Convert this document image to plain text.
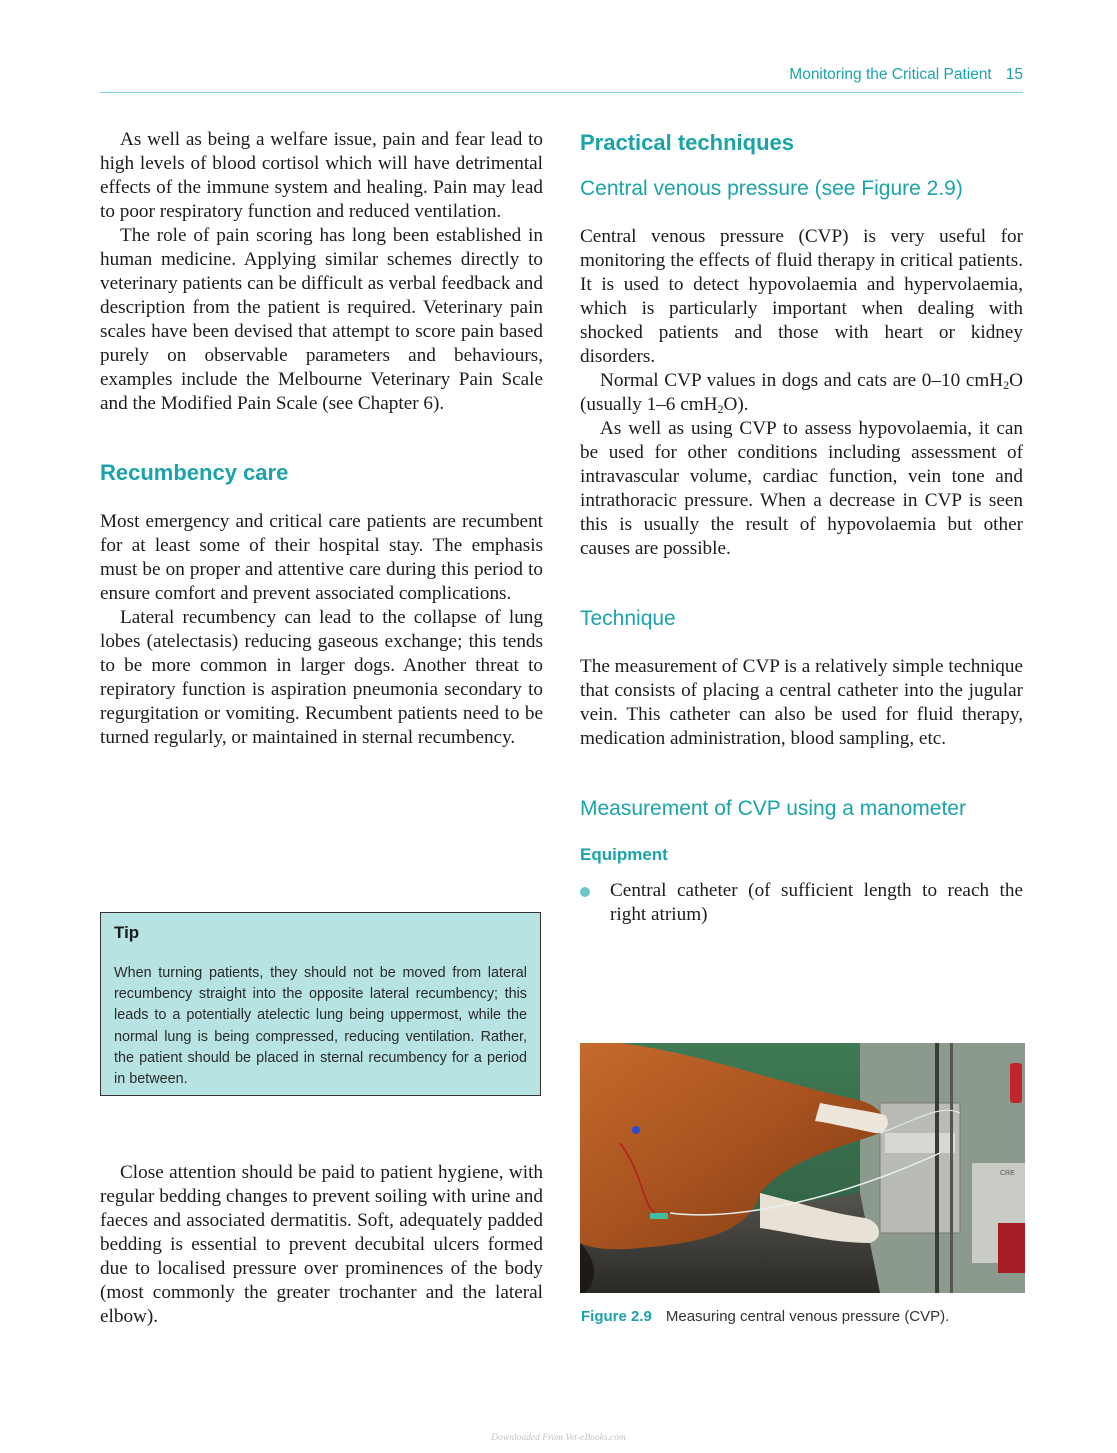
Monitoring the Critical Patient 15

As well as being a welfare issue, pain and fear lead to high levels of blood cortisol which will have detrimental effects of the immune system and healing. Pain may lead to poor respiratory function and reduced ventilation.

The role of pain scoring has long been established in human medicine. Applying similar schemes directly to veterinary patients can be difficult as verbal feedback and description from the patient is required. Veterinary pain scales have been devised that attempt to score pain based purely on observable parameters and behaviours, examples include the Melbourne Veterinary Pain Scale and the Modified Pain Scale (see Chapter 6).

Recumbency care

Most emergency and critical care patients are recumbent for at least some of their hospital stay. The emphasis must be on proper and attentive care during this period to ensure comfort and prevent associated complications.

Lateral recumbency can lead to the collapse of lung lobes (atelectasis) reducing gaseous exchange; this tends to be more common in larger dogs. Another threat to repiratory function is aspiration pneumonia secondary to regurgitation or vomiting. Recumbent patients need to be turned regularly, or maintained in sternal recumbency.

Tip
When turning patients, they should not be moved from lateral recumbency straight into the opposite lateral recumbency; this leads to a potentially atelectic lung being uppermost, while the normal lung is being compressed, reducing ventilation. Rather, the patient should be placed in sternal recumbency for a period in between.

Close attention should be paid to patient hygiene, with regular bedding changes to prevent soiling with urine and faeces and associated dermatitis. Soft, adequately padded bedding is essential to prevent decubital ulcers formed due to localised pressure over prominences of the body (most commonly the greater trochanter and the lateral elbow).

Practical techniques
Central venous pressure (see Figure 2.9)

Central venous pressure (CVP) is very useful for monitoring the effects of fluid therapy in critical patients. It is used to detect hypovolaemia and hypervolaemia, which is particularly important when dealing with shocked patients and those with heart or kidney disorders.

Normal CVP values in dogs and cats are 0–10 cmH$_2$O (usually 1–6 cmH$_2$O).

As well as using CVP to assess hypovolaemia, it can be used for other conditions including assessment of intravascular volume, cardiac function, vein tone and intrathoracic pressure. When a decrease in CVP is seen this is usually the result of hypovolaemia but other causes are possible.

Technique

The measurement of CVP is a relatively simple technique that consists of placing a central catheter into the jugular vein. This catheter can also be used for fluid therapy, medication administration, blood sampling, etc.

Measurement of CVP using a manometer
Equipment

Central catheter (of sufficient length to reach the right atrium)

CRE
Figure 2.9 Measuring central venous pressure (CVP).
Downloaded From Vet-eBooks.com
